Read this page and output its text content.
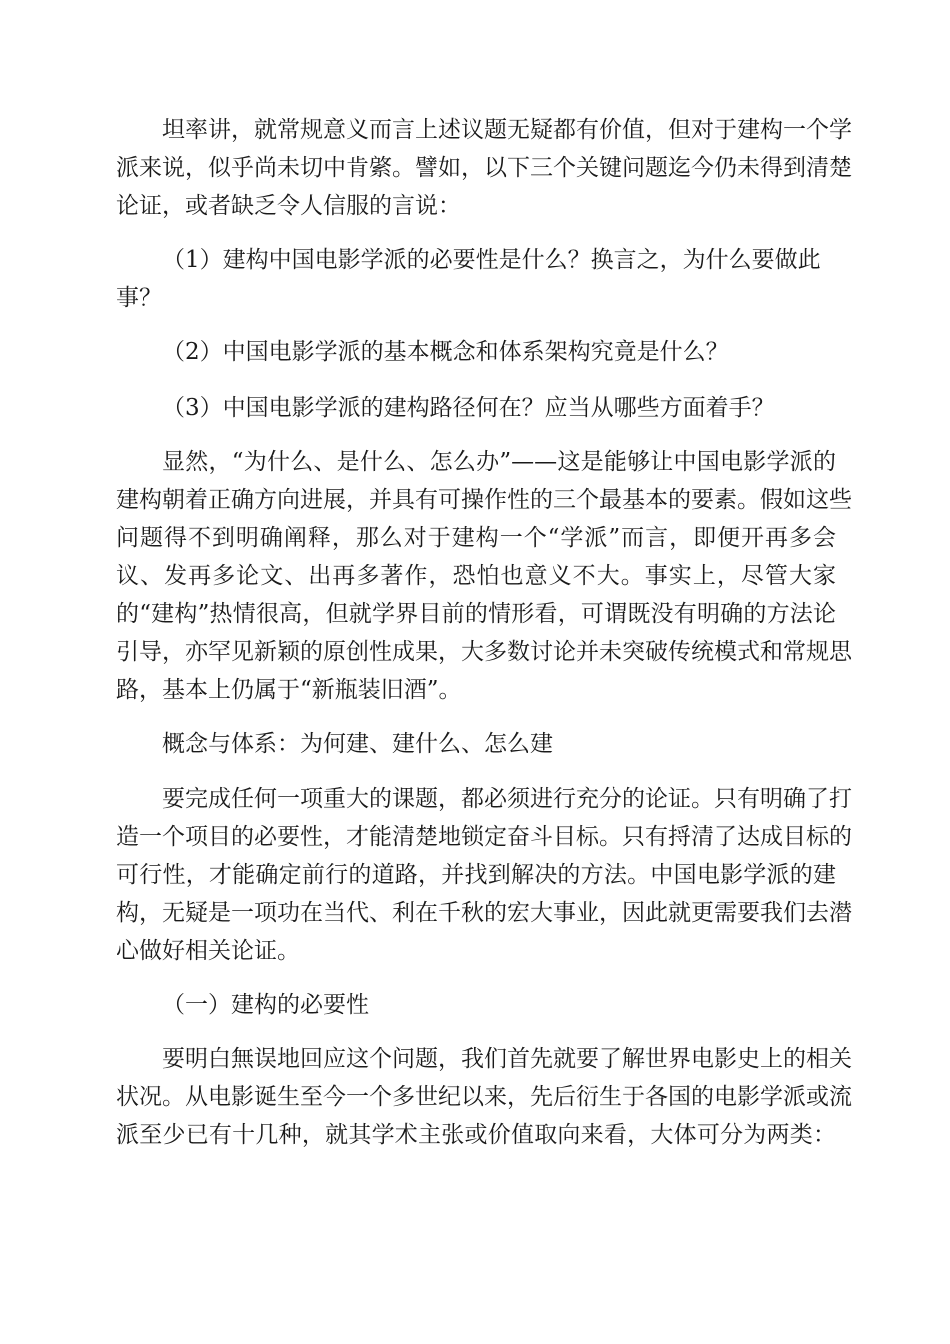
坦率讲，就常规意义而言上述议题无疑都有价值，但对于建构一个学
派来说，似乎尚未切中肯綮。譬如，以下三个关键问题迄今仍未得到清楚
论证，或者缺乏令人信服的言说：
（1）建构中国电影学派的必要性是什么？换言之，为什么要做此
事？
（2）中国电影学派的基本概念和体系架构究竟是什么？
（3）中国电影学派的建构路径何在？应当从哪些方面着手？
显然，“为什么、是什么、怎么办”——这是能够让中国电影学派的
建构朝着正确方向进展，并具有可操作性的三个最基本的要素。假如这些
问题得不到明确阐释，那么对于建构一个“学派”而言，即便开再多会
议、发再多论文、出再多著作，恐怕也意义不大。事实上，尽管大家
的“建构”热情很高，但就学界目前的情形看，可谓既没有明确的方法论
引导，亦罕见新颖的原创性成果，大多数讨论并未突破传统模式和常规思
路，基本上仍属于“新瓶装旧酒”。
概念与体系：为何建、建什么、怎么建
要完成任何一项重大的课题，都必须进行充分的论证。只有明确了打
造一个项目的必要性，才能清楚地锁定奋斗目标。只有捋清了达成目标的
可行性，才能确定前行的道路，并找到解决的方法。中国电影学派的建
构，无疑是一项功在当代、利在千秋的宏大事业，因此就更需要我们去潜
心做好相关论证。
（一）建构的必要性
要明白無误地回应这个问题，我们首先就要了解世界电影史上的相关
状况。从电影诞生至今一个多世纪以来，先后衍生于各国的电影学派或流
派至少已有十几种，就其学术主张或价值取向来看，大体可分为两类：
